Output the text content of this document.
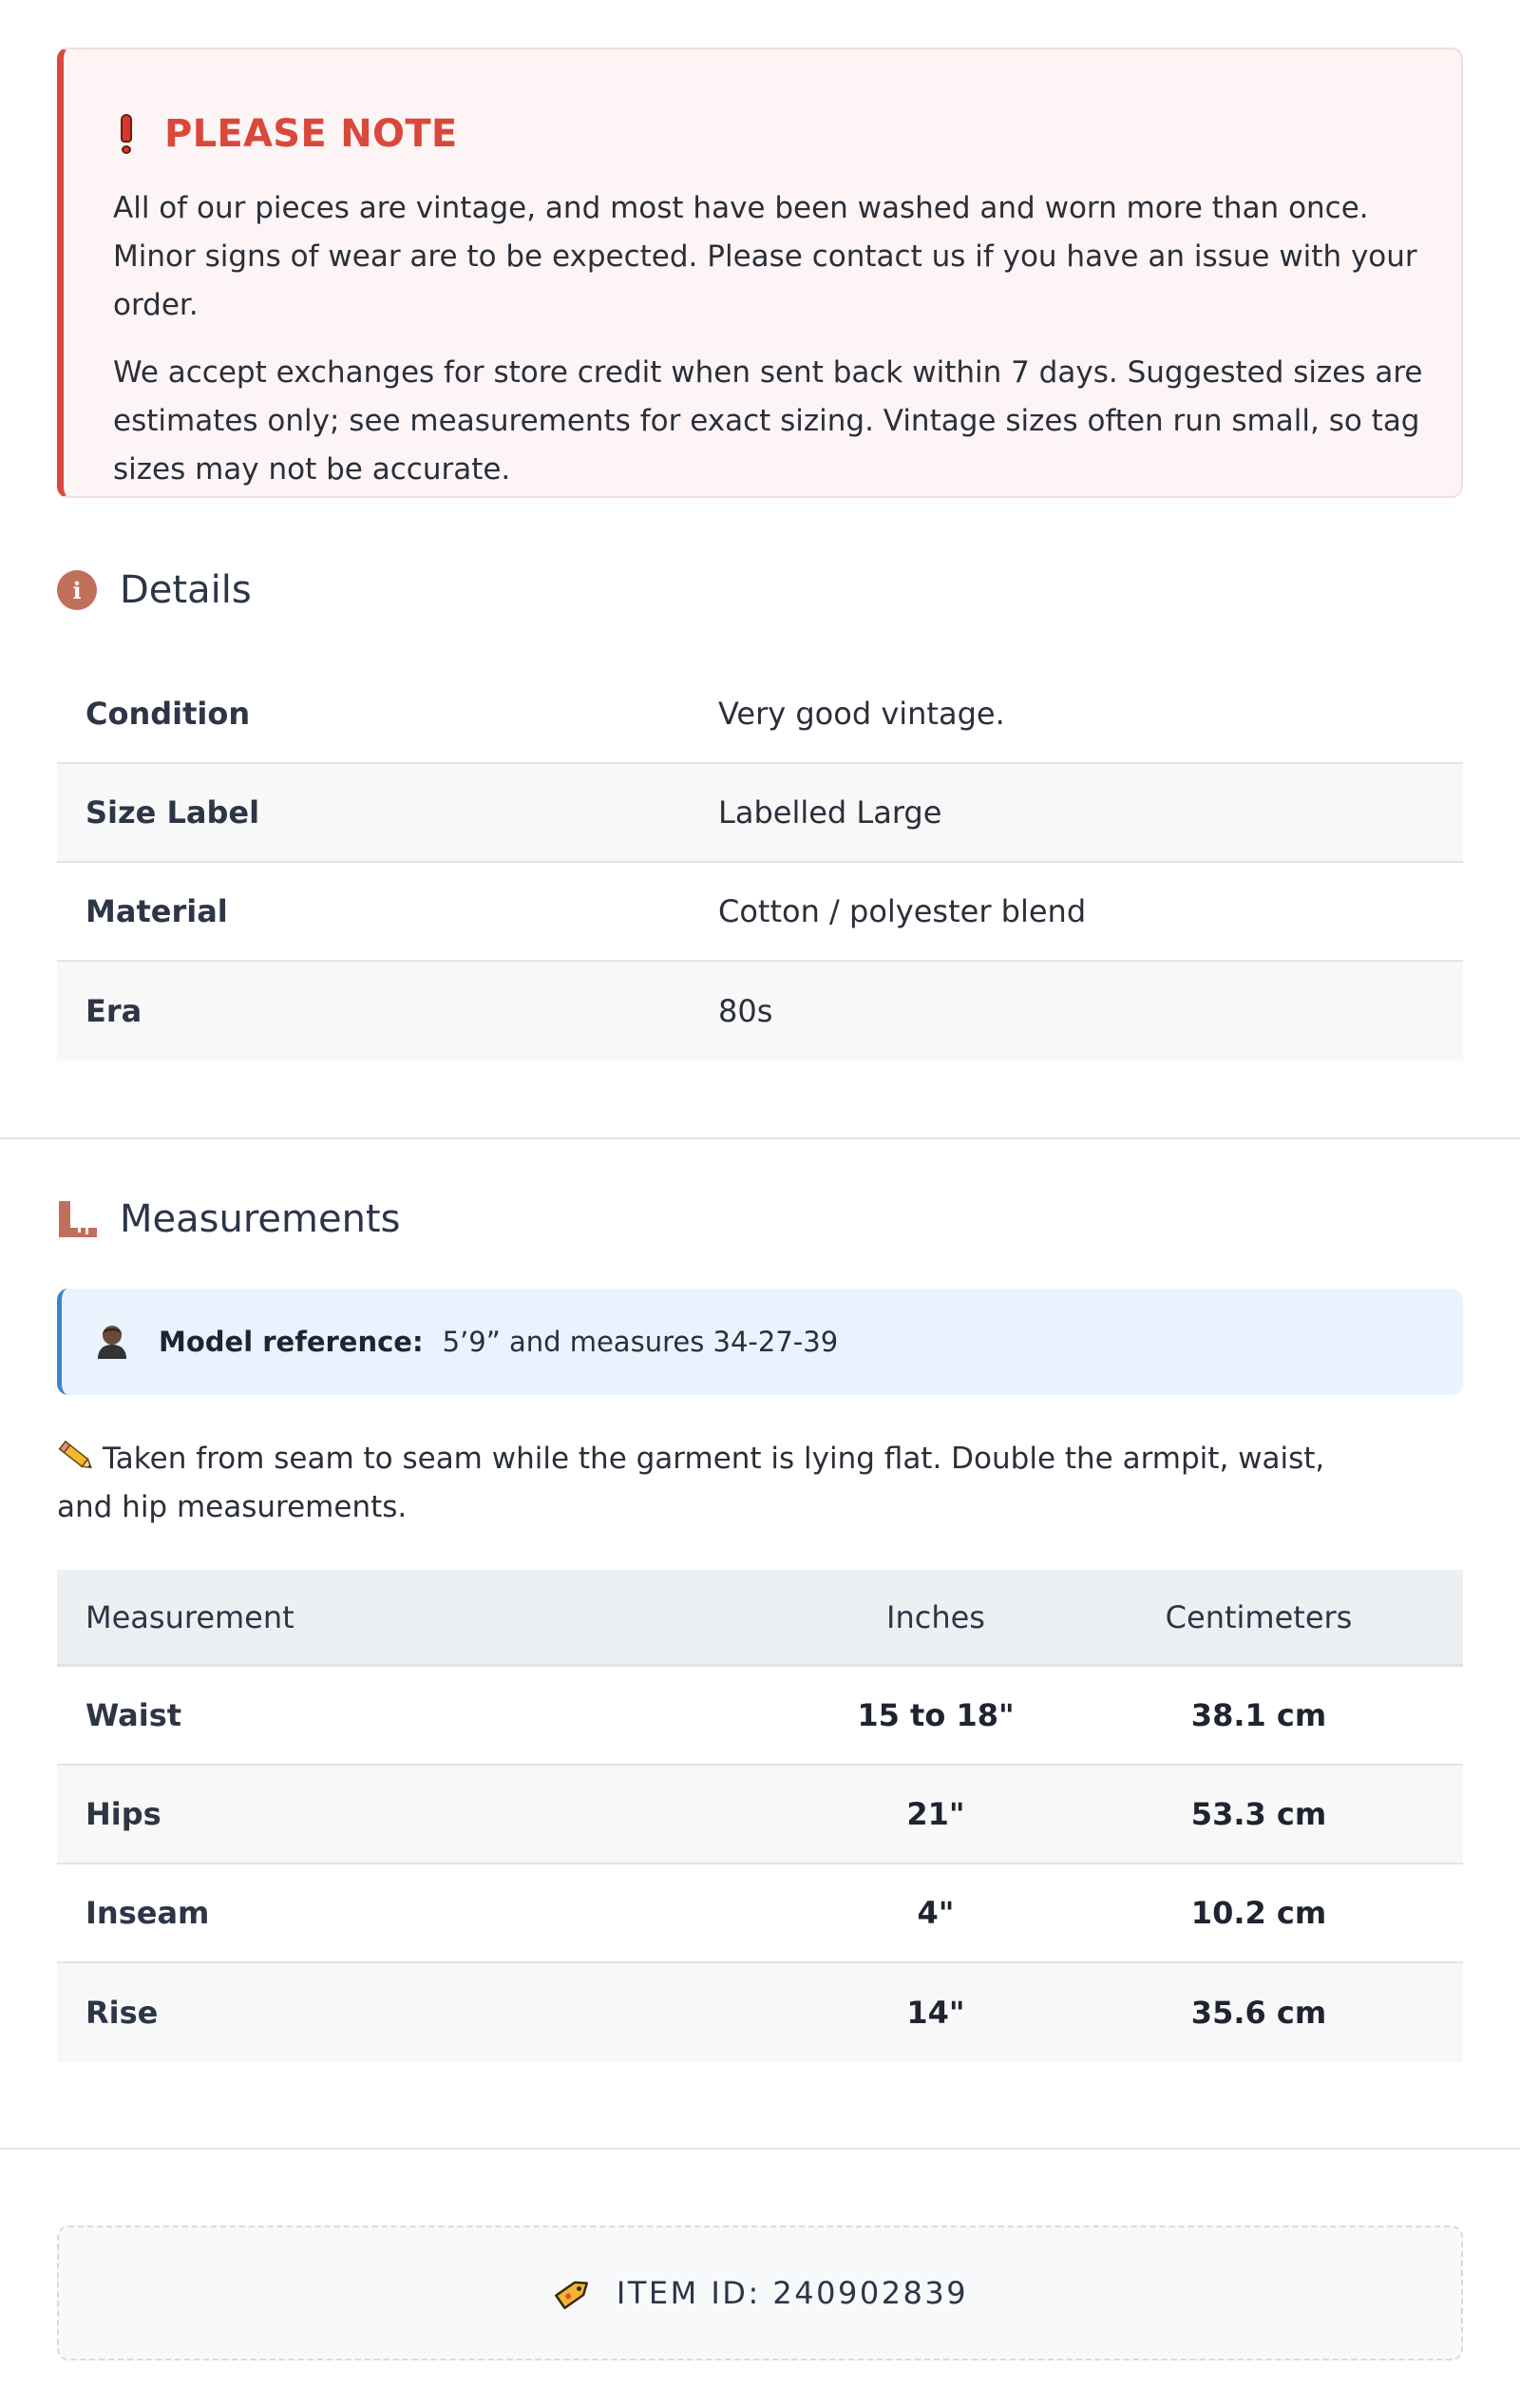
PLEASE NOTE

All of our pieces are vintage, and most have been washed and worn more than once. Minor signs of wear are to be expected. Please contact us if you have an issue with your order.

We accept exchanges for store credit when sent back within 7 days. Suggested sizes are estimates only; see measurements for exact sizing. Vintage sizes often run small, so tag sizes may not be accurate.

i	Details
Condition	Very good vintage.
Size Label	Labelled Large
Material	Cotton / polyester blend
Era	80s
Measurements
Model reference: 5’9” and measures 34-27-39
Taken from seam to seam while the garment is lying flat. Double the armpit, waist, and hip measurements.
Measurement	Inches	Centimeters
Waist	15 to 18"	38.1 cm
Hips	21"	53.3 cm
Inseam	4"	10.2 cm
Rise	14"	35.6 cm
ITEM ID: 240902839
